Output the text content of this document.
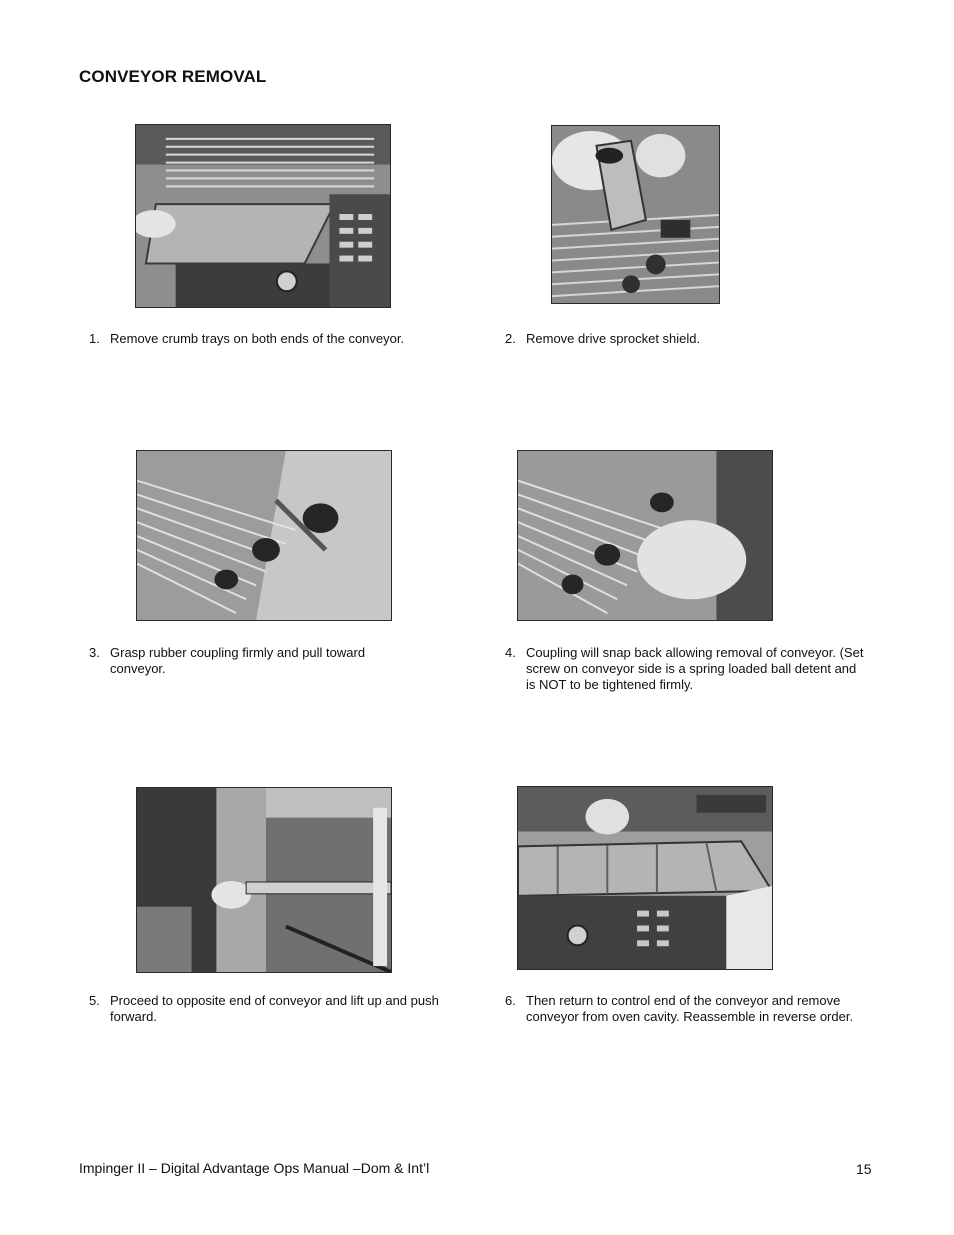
CONVEYOR REMOVAL
1. Remove crumb trays on both ends of the conveyor.	2. Remove drive sprocket shield.
3. Grasp rubber coupling firmly and pull toward conveyor.
4. Coupling will snap back allowing removal of conveyor. (Set screw on conveyor side is a spring loaded ball detent and is NOT to be tightened firmly.
5. Proceed to opposite end of conveyor and lift up and push forward.
6. Then return to control end of the conveyor and remove conveyor from oven cavity. Reassemble in reverse order.
Impinger II – Digital Advantage Ops Manual –Dom & Int’l	15
